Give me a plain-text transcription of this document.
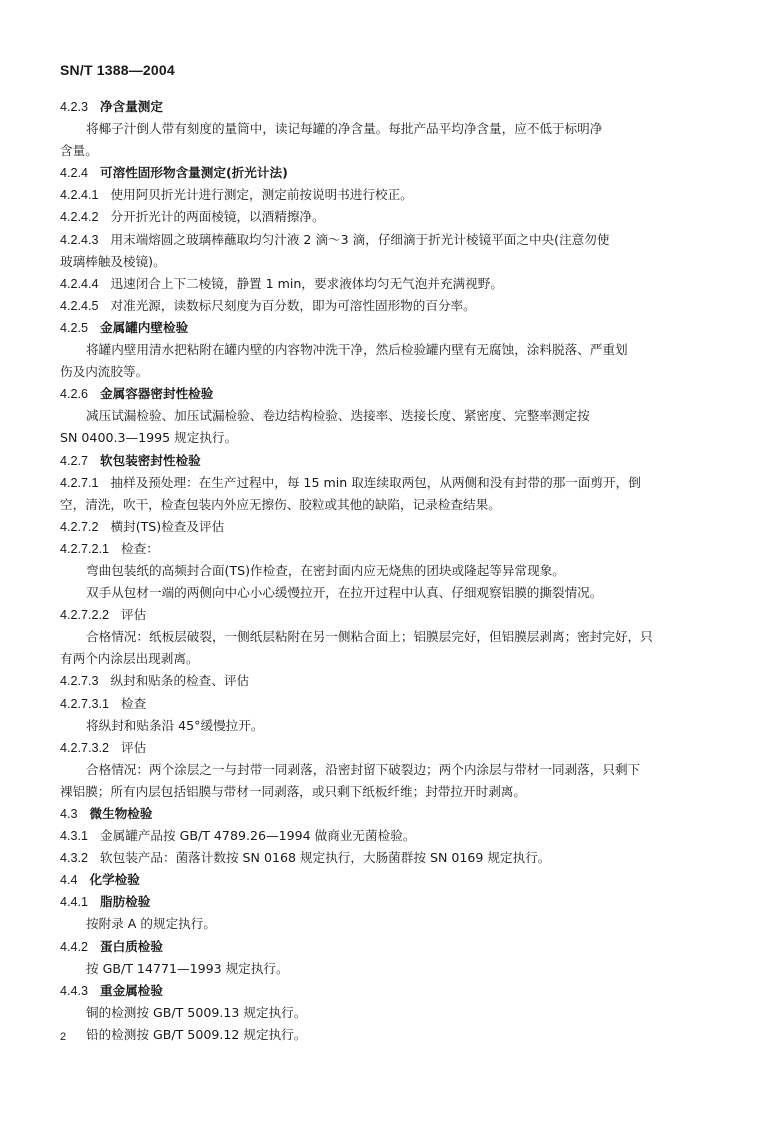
SN/T 1388—2004
4.2.3 净含量测定
将椰子汁倒人带有刻度的量筒中，读记每罐的净含量。每批产品平均净含量，应不低于标明净
含量。
4.2.4 可溶性固形物含量测定(折光计法)
4.2.4.1 使用阿贝折光计进行测定，测定前按说明书进行校正。
4.2.4.2 分开折光计的两面棱镜，以酒精擦净。
4.2.4.3 用末端熔圆之玻璃棒蘸取均匀汁液 2 滴～3 滴，仔细滴于折光计棱镜平面之中央(注意勿使
玻璃棒触及棱镜)。
4.2.4.4 迅速闭合上下二棱镜，静置 1 min，要求液体均匀无气泡并充满视野。
4.2.4.5 对准光源，读数标尺刻度为百分数，即为可溶性固形物的百分率。
4.2.5 金属罐内壁检验
将罐内壁用清水把粘附在罐内壁的内容物冲洗干净，然后检验罐内壁有无腐蚀，涂料脱落、严重划
伤及内流胶等。
4.2.6 金属容器密封性检验
减压试漏检验、加压试漏检验、卷边结构检验、迭接率、迭接长度、紧密度、完整率测定按
SN 0400.3—1995 规定执行。
4.2.7 软包装密封性检验
4.2.7.1 抽样及预处理：在生产过程中，每 15 min 取连续取两包，从两侧和没有封带的那一面剪开，倒
空，清洗，吹干，检查包装内外应无擦伤、胶粒或其他的缺陷，记录检查结果。
4.2.7.2 横封(TS)检查及评估
4.2.7.2.1 检查：
弯曲包装纸的高频封合面(TS)作检查，在密封面内应无烧焦的团块或隆起等异常现象。
双手从包材一端的两侧向中心小心缓慢拉开，在拉开过程中认真、仔细观察铝膜的撕裂情况。
4.2.7.2.2 评估
合格情况：纸板层破裂，一侧纸层粘附在另一侧粘合面上；铝膜层完好，但铝膜层剥离；密封完好，只
有两个内涂层出现剥离。
4.2.7.3 纵封和贴条的检查、评估
4.2.7.3.1 检查
将纵封和贴条沿 45°缓慢拉开。
4.2.7.3.2 评估
合格情况：两个涂层之一与封带一同剥落，沿密封留下破裂边；两个内涂层与带材一同剥落，只剩下
裸铝膜；所有内层包括铝膜与带材一同剥落，或只剩下纸板纤维；封带拉开时剥离。
4.3 微生物检验
4.3.1 金属罐产品按 GB/T 4789.26—1994 做商业无菌检验。
4.3.2 软包装产品：菌落计数按 SN 0168 规定执行，大肠菌群按 SN 0169 规定执行。
4.4 化学检验
4.4.1 脂肪检验
按附录 A 的规定执行。
4.4.2 蛋白质检验
按 GB/T 14771—1993 规定执行。
4.4.3 重金属检验
铜的检测按 GB/T 5009.13 规定执行。
铅的检测按 GB/T 5009.12 规定执行。
2
